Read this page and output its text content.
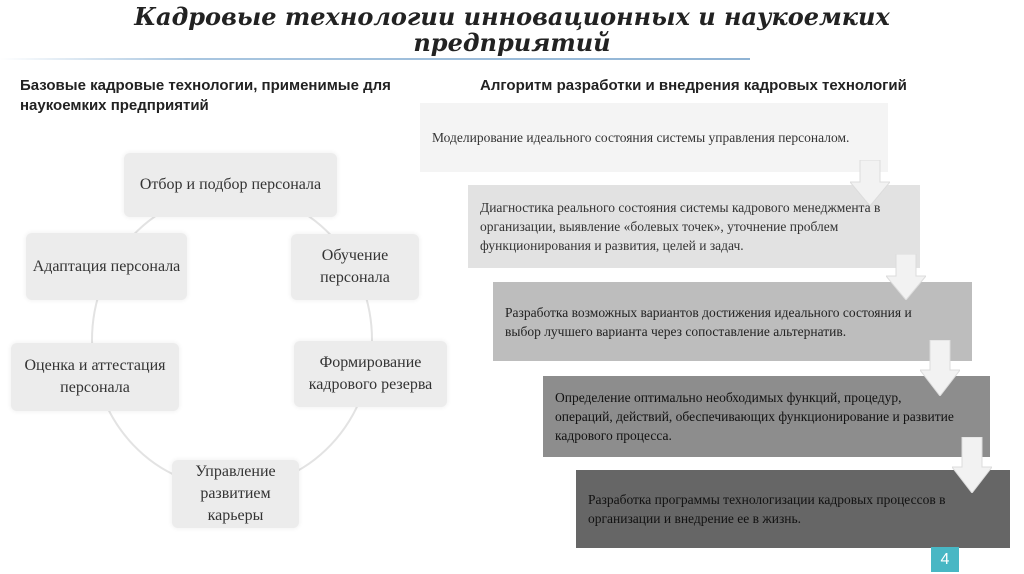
Кадровые технологии инновационных и наукоемких
предприятий
Базовые кадровые технологии, применимые для наукоемких предприятий
Алгоритм разработки и внедрения кадровых технологий
Отбор и подбор персонала
Обучение персонала
Формирование кадрового резерва
Управление развитием карьеры
Оценка и аттестация персонала
Адаптация персонала
Моделирование идеального состояния системы управления персоналом.
Диагностика реального состояния системы кадрового менеджмента в организации, выявление «болевых точек», уточнение проблем функционирования и развития, целей и задач.
Разработка возможных вариантов достижения идеального состояния и выбор лучшего варианта через сопоставление альтернатив.
Определение оптимально необходимых функций, процедур, операций, действий, обеспечивающих функционирование и развитие кадрового процесса.
Разработка программы технологизации кадровых процессов в организации и внедрение ее в жизнь.
4
